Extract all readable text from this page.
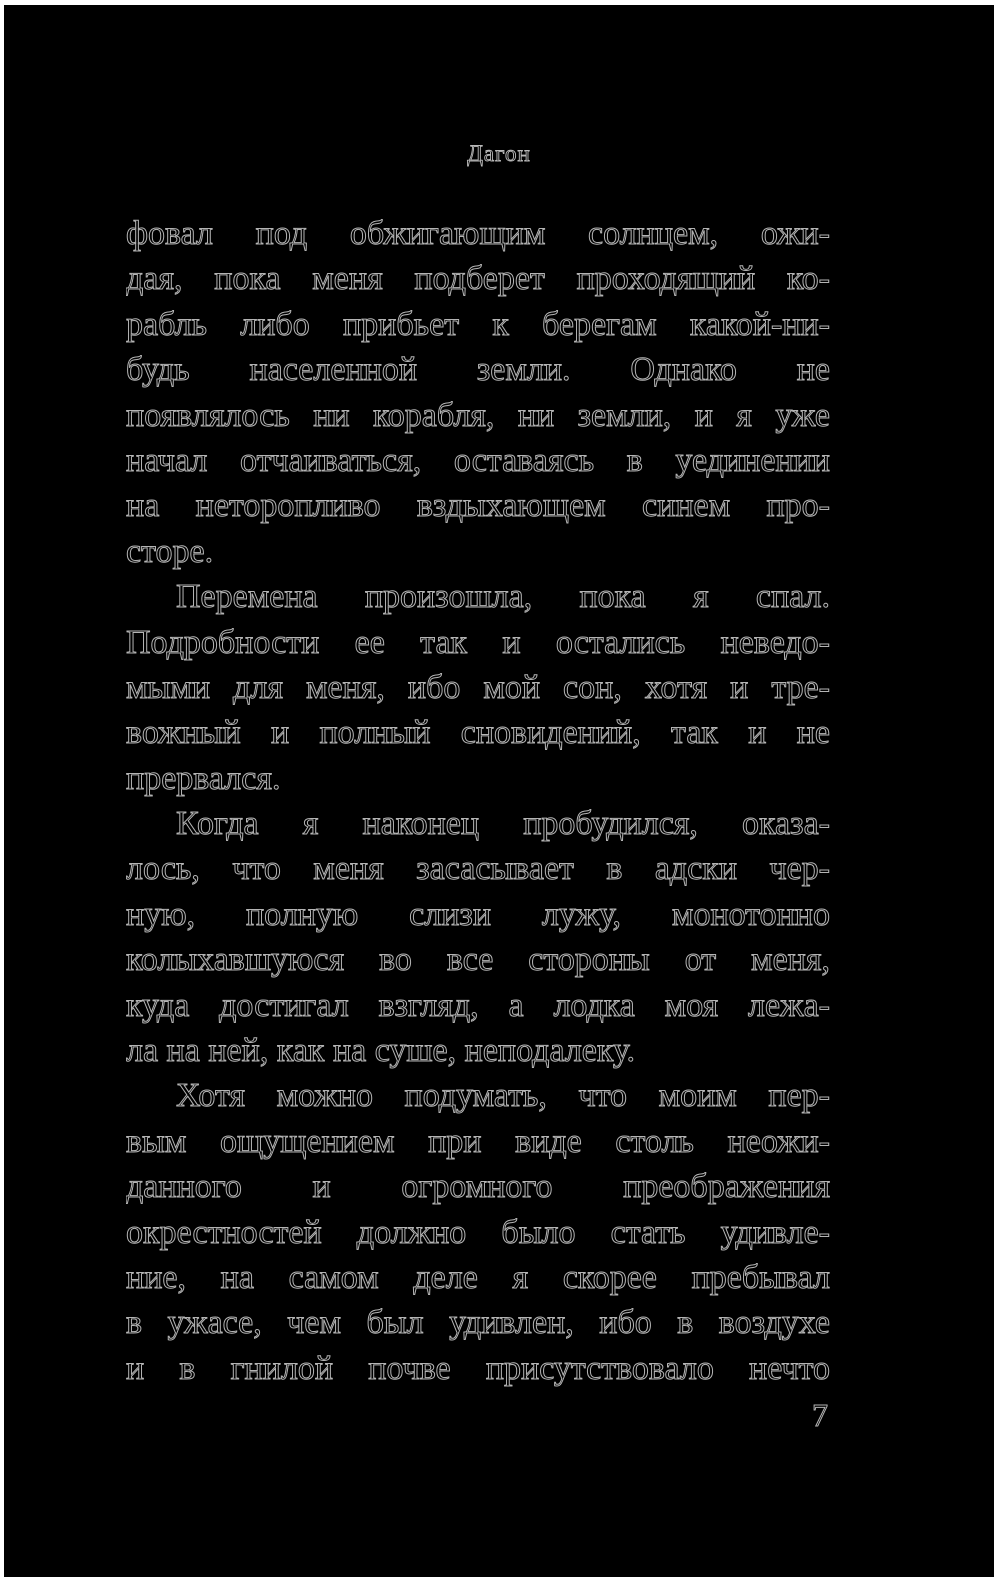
Дагон
фовал под обжигающим солнцем, ожи-
дая, пока меня подберет проходящий ко-
рабль либо прибьет к берегам какой-ни-
будь населенной земли. Однако не
появлялось ни корабля, ни земли, и я уже
начал отчаиваться, оставаясь в уединении
на неторопливо вздыхающем синем про-
сторе.
Перемена произошла, пока я спал.
Подробности ее так и остались неведо-
мыми для меня, ибо мой сон, хотя и тре-
вожный и полный сновидений, так и не
прервался.
Когда я наконец пробудился, оказа-
лось, что меня засасывает в адски чер-
ную, полную слизи лужу, монотонно
колыхавшуюся во все стороны от меня,
куда достигал взгляд, а лодка моя лежа-
ла на ней, как на суше, неподалеку.
Хотя можно подумать, что моим пер-
вым ощущением при виде столь неожи-
данного и огромного преображения
окрестностей должно было стать удивле-
ние, на самом деле я скорее пребывал
в ужасе, чем был удивлен, ибо в воздухе
и в гнилой почве присутствовало нечто
7
